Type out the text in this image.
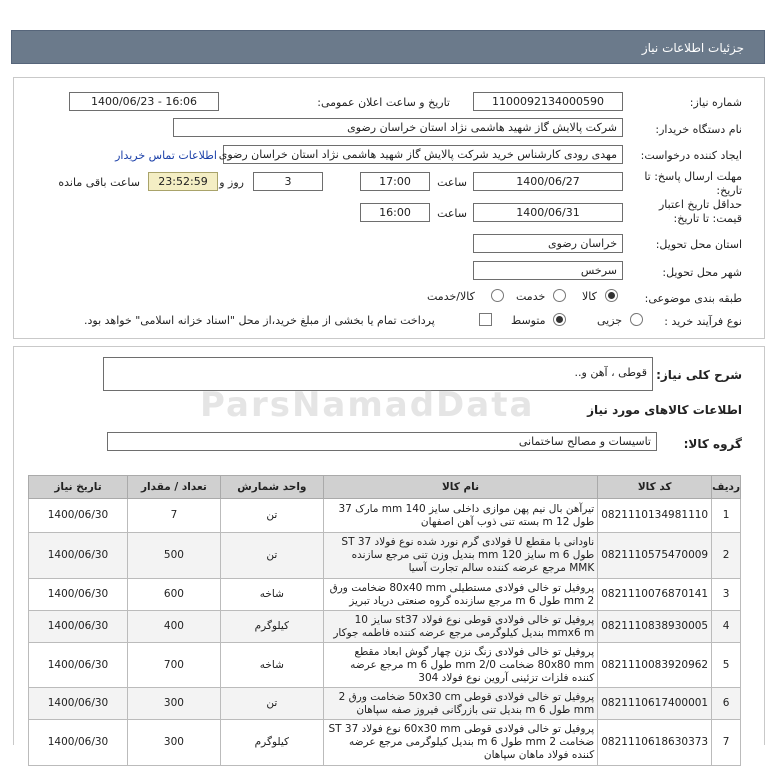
جزئیات اطلاعات نیاز
شماره نیاز:
1100092134000590
تاریخ و ساعت اعلان عمومی:
1400/06/23 - 16:06
نام دستگاه خریدار:
شرکت پالایش گاز شهید هاشمی نژاد استان خراسان رضوی
ایجاد کننده درخواست:
مهدی رودی کارشناس خرید شرکت پالایش گاز شهید هاشمی نژاد استان خراسان رضوی
اطلاعات تماس خریدار
مهلت ارسال پاسخ: تا تاریخ:
1400/06/27
ساعت
17:00
3
روز و
23:52:59
ساعت باقی مانده
حداقل تاریخ اعتبار قیمت: تا تاریخ:
1400/06/31
ساعت
16:00
استان محل تحویل:
خراسان رضوی
شهر محل تحویل:
سرخس
طبقه بندی موضوعی:
کالا
خدمت
کالا/خدمت
نوع فرآیند خرید :
جزیی
متوسط
پرداخت تمام یا بخشی از مبلغ خرید،از محل "اسناد خزانه اسلامی" خواهد بود.
شرح کلی نیاز:
قوطی ، آهن و..
اطلاعات کالاهای مورد نیاز
ParsNamadData
گروه کالا:
تاسیسات و مصالح ساختمانی
ردیف	کد کالا	نام کالا	واحد شمارش	تعداد / مقدار	تاریخ نیاز
1	0821110134981110	تیرآهن بال نیم پهن موازی داخلی سایز 140 mm مارک 37 طول 12 m بسته تنی ذوب آهن اصفهان	تن	7	1400/06/30
2	0821110575470009	ناودانی با مقطع U فولادی گرم نورد شده نوع فولاد ST 37 طول 6 m سایز 120 mm بندیل وزن تنی مرجع سازنده MMK مرجع عرضه کننده سالم تجارت آسیا	تن	500	1400/06/30
3	0821110076870141	پروفیل تو خالی فولادی مستطیلی 80x40 mm ضخامت ورق 2 mm طول 6 m مرجع سازنده گروه صنعتی دریاد تبریز	شاخه	600	1400/06/30
4	0821110838930005	پروفیل تو خالی فولادی قوطی نوع فولاد st37 سایز 10 mmx6 m بندیل کیلوگرمی مرجع عرضه کننده فاطمه جوکار	کیلوگرم	400	1400/06/30
5	0821110083920962	پروفیل تو خالی فولادی زنگ نزن چهار گوش ابعاد مقطع 80x80 mm ضخامت 2/0 mm طول 6 m مرجع عرضه کننده فلزات تزئینی آروین نوع فولاد 304	شاخه	700	1400/06/30
6	0821110617400001	پروفیل تو خالی فولادی قوطی 50x30 cm ضخامت ورق 2 mm طول 6 m بندیل تنی بازرگانی فیروز صفه سپاهان	تن	300	1400/06/30
7	0821110618630373	پروفیل تو خالی فولادی قوطی 60x30 mm نوع فولاد ST 37 ضخامت 2 mm طول 6 m بندیل کیلوگرمی مرجع عرضه کننده فولاد ماهان سپاهان	کیلوگرم	300	1400/06/30
